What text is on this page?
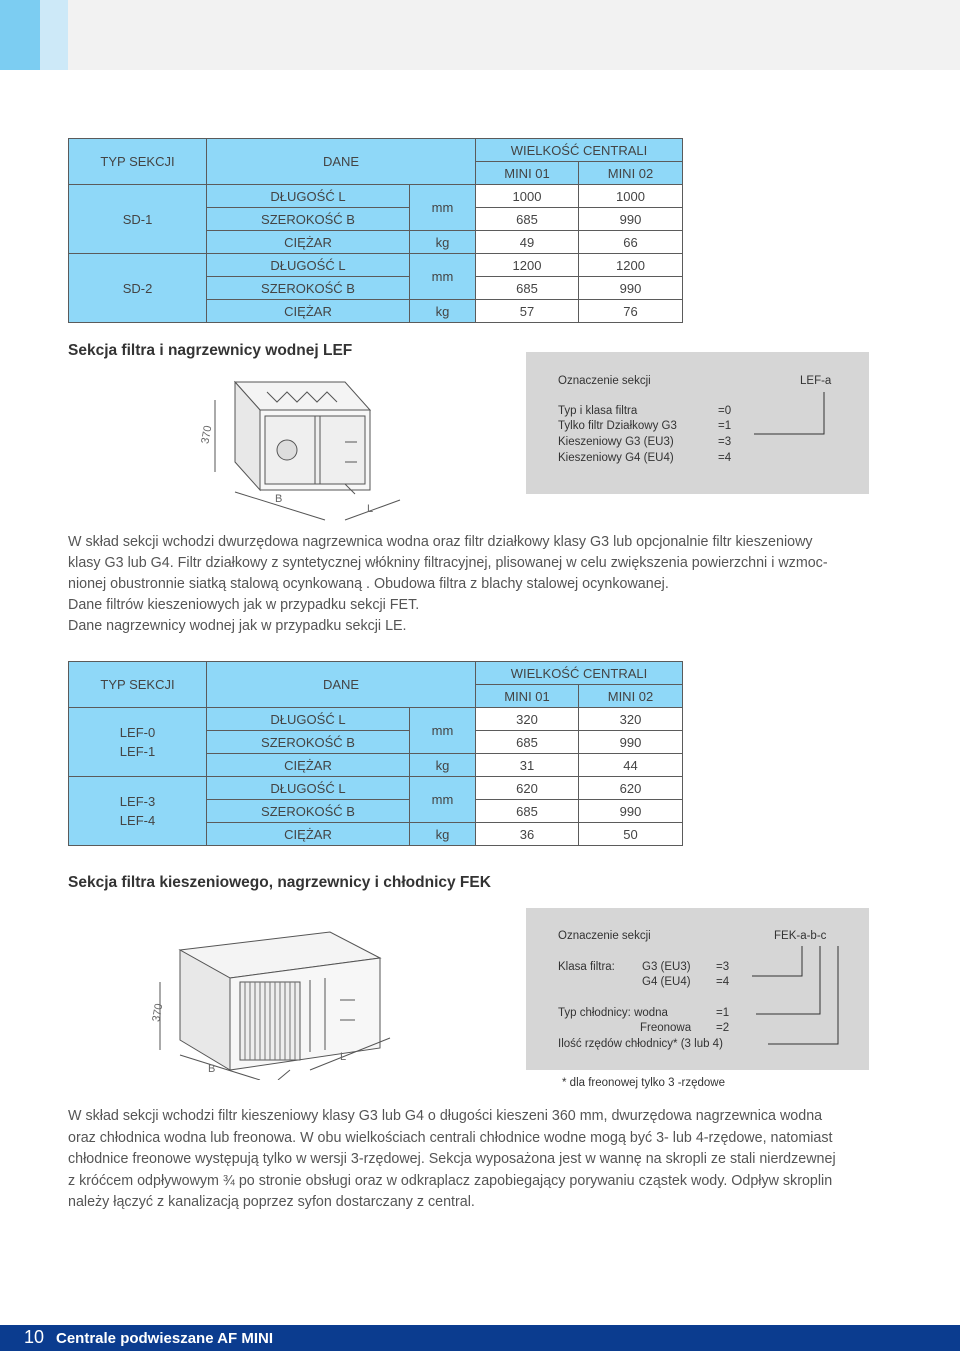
TYP SEKCJI	DANE		WIELKOŚĆ CENTRALI	
			MINI 01	MINI 02
SD-1	DŁUGOŚĆ L	mm	1000	1000
	SZEROKOŚĆ B		685	990
	CIĘŻAR	kg	49	66
SD-2	DŁUGOŚĆ L	mm	1200	1200
	SZEROKOŚĆ B		685	990
	CIĘŻAR	kg	57	76
Sekcja filtra i nagrzewnicy wodnej LEF
370
B
L
Oznaczenie sekcji	LEF-a
Typ i klasa filtra	=0
Tylko filtr Działkowy G3	=1
Kieszeniowy G3 (EU3)	=3
Kieszeniowy G4 (EU4)	=4
W skład sekcji wchodzi dwurzędowa nagrzewnica wodna oraz filtr działkowy klasy G3 lub opcjonalnie filtr kieszeniowy
klasy G3 lub G4. Filtr działkowy z syntetycznej włókniny filtracyjnej, plisowanej w celu zwiększenia powierzchni i wzmoc-
nionej obustronnie siatką stalową ocynkowaną . Obudowa filtra z blachy stalowej ocynkowanej.
Dane filtrów kieszeniowych jak w przypadku sekcji FET.
Dane nagrzewnicy wodnej jak w przypadku sekcji LE.
TYP SEKCJI	DANE		WIELKOŚĆ CENTRALI	
			MINI 01	MINI 02

LEF-0
LEF-1	DŁUGOŚĆ L	mm	320	320
	SZEROKOŚĆ B		685	990
	CIĘŻAR	kg	31	44

LEF-3
LEF-4	DŁUGOŚĆ L	mm	620	620
	SZEROKOŚĆ B		685	990
	CIĘŻAR	kg	36	50
Sekcja filtra kieszeniowego, nagrzewnicy i chłodnicy FEK
370
B
L
Oznaczenie sekcji	FEK-a-b-c
Klasa filtra: G3 (EU3) =3
G4 (EU4) =4
Typ chłodnicy: wodna	=1
Freonowa =2
Ilość rzędów chłodnicy* (3 lub 4)
* dla freonowej tylko 3 -rzędowe
W skład sekcji wchodzi filtr kieszeniowy klasy G3 lub G4 o długości kieszeni 360 mm, dwurzędowa nagrzewnica wodna
oraz chłodnica wodna lub freonowa. W obu wielkościach centrali chłodnice wodne mogą być 3- lub 4-rzędowe, natomiast
chłodnice freonowe występują tylko w wersji 3-rzędowej. Sekcja wyposażona jest w wannę na skropli ze stali nierdzewnej
z króćcem odpływowym ¾ po stronie obsługi oraz w odkraplacz zapobiegający porywaniu cząstek wody. Odpływ skroplin
należy łączyć z kanalizacją poprzez syfon dostarczany z central.
10 Centrale podwieszane AF MINI
